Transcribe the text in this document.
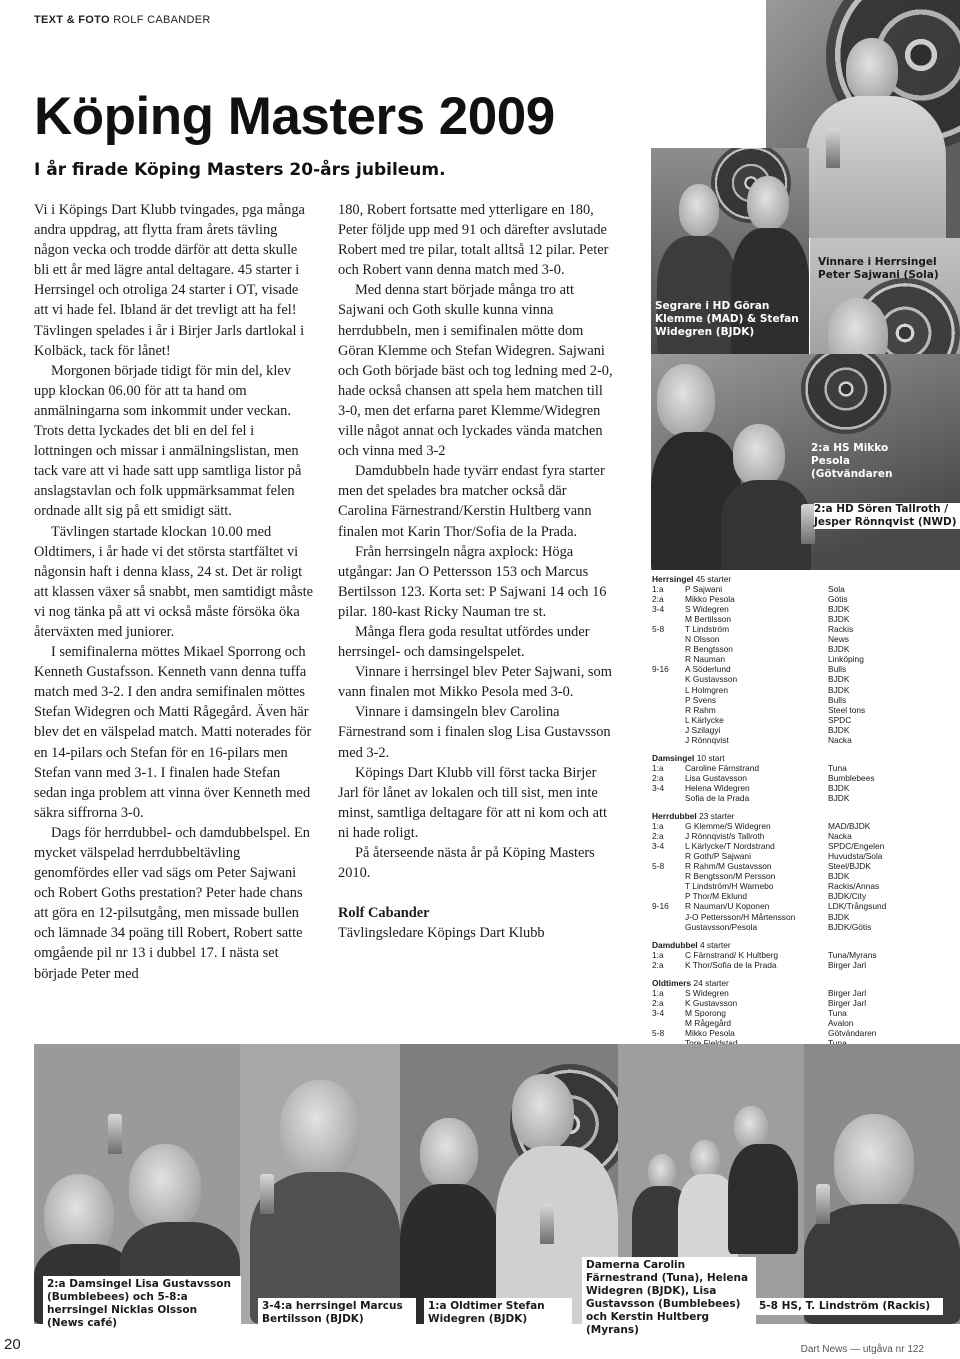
TEXT & FOTO ROLF CABANDER
Köping Masters 2009
I år firade Köping Masters 20-års jubileum.

Vi i Köpings Dart Klubb tvingades, pga många andra uppdrag, att flytta fram årets tävling någon vecka och trodde därför att detta skulle bli ett år med lägre antal deltagare. 45 starter i Herrsingel och otroliga 24 starter i OT, visade att vi hade fel. Ibland är det trevligt att ha fel! Tävlingen spelades i år i Birjer Jarls dartlokal i Kolbäck, tack för lånet!

Morgonen började tidigt för min del, klev upp klockan 06.00 för att ta hand om anmälningarna som inkommit under veckan. Trots detta lyckades det bli en del fel i lottningen och missar i anmälningslistan, men tack vare att vi hade satt upp samtliga listor på anslagstavlan och folk uppmärksammat felen ordnade allt sig på ett smidigt sätt.

Tävlingen startade klockan 10.00 med Oldtimers, i år hade vi det största startfältet vi någonsin haft i denna klass, 24 st. Det är roligt att klassen växer så snabbt, men samtidigt måste vi nog tänka på att vi också måste försöka öka återväxten med juniorer.

I semifinalerna möttes Mikael Sporrong och Kenneth Gustafsson. Kenneth vann denna tuffa match med 3-2. I den andra semifinalen möttes Stefan Widegren och Matti Rågegård. Även här blev det en välspelad match. Matti noterades för en 14-pilars och Stefan för en 16-pilars men Stefan vann med 3-1. I finalen hade Stefan sedan inga problem att vinna över Kenneth med säkra siffrorna 3-0.

Dags för herrdubbel- och damdubbelspel. En mycket välspelad herrdubbeltävling genomfördes eller vad sägs om Peter Sajwani och Robert Goths prestation? Peter hade chans att göra en 12-pilsutgång, men missade bullen och lämnade 34 poäng till Robert, Robert satte omgående pil nr 13 i dubbel 17. I nästa set började Peter med

180, Robert fortsatte med ytterligare en 180, Peter följde upp med 91 och därefter avslutade Robert med tre pilar, totalt alltså 12 pilar. Peter och Robert vann denna match med 3-0.

Med denna start började många tro att Sajwani och Goth skulle kunna vinna herrdubbeln, men i semifinalen mötte dom Göran Klemme och Stefan Widegren. Sajwani och Goth började bäst och tog ledning med 2-0, hade också chansen att spela hem matchen till 3-0, men det erfarna paret Klemme/Widegren ville något annat och lyckades vända matchen och vinna med 3-2

Damdubbeln hade tyvärr endast fyra starter men det spelades bra matcher också där Carolina Färnestrand/Kerstin Hultberg vann finalen mot Karin Thor/Sofia de la Prada.

Från herrsingeln några axplock: Höga utgångar: Jan O Pettersson 153 och Marcus Bertilsson 123. Korta set: P Sajwani 14 och 16 pilar. 180-kast Ricky Nauman tre st.

Många flera goda resultat utfördes under herrsingel- och damsingelspelet.

Vinnare i herrsingel blev Peter Sajwani, som vann finalen mot Mikko Pesola med 3-0.

Vinnare i damsingeln blev Carolina Färnestrand som i finalen slog Lisa Gustavsson med 3-2.

Köpings Dart Klubb vill först tacka Birjer Jarl för lånet av lokalen och till sist, men inte minst, samtliga deltagare för att ni kom och att ni hade roligt.

På återseende nästa år på Köping Masters 2010.

Rolf Cabander
Tävlingsledare Köpings Dart Klubb

Segrare i HD Göran Klemme (MAD) & Stefan Widegren (BJDK)
Vinnare i Herrsingel Peter Sajwani (Sola)
2:a HS Mikko Pesola (Götvändaren
2:a HD Sören Tallroth / Jesper Rönnqvist (NWD)
Herrsingel 45 starter
1:a	P Sajwani	Sola
2:a	Mikko Pesola	Götis
3-4 S Widegren	BJDK
M Bertilsson	BJDK
5-8 T Lindström	Rackis
N Olsson	News
R Bengtsson	BJDK
R Nauman	Linköping
9-16 A Söderlund	Bulls
K Gustavsson	BJDK
L Holmgren	BJDK
P Svens	Bulls
R Rahm	Steel tons
L Kärlycke	SPDC
J Szilagyi	BJDK
J Rönnqvist	Nacka
Damsingel 10 start
1:a	Caroline Färnstrand	Tuna
2:a	Lisa Gustavsson	Bumblebees
3-4 Helena Widegren	BJDK
Sofia de la Prada	BJDK
Herrdubbel 23 starter
1:a	G Klemme/S Widegren	MAD/BJDK
2:a	J Rönnqvist/s Tallroth	Nacka
3-4 L Kärlycke/T Nordstrand	SPDC/Engelen
R Goth/P Sajwani	Huvudsta/Sola
5-8 R Rahm/M Gustavsson	Steel/BJDK
R Bengtsson/M Persson	BJDK
T Lindström/H Warnebo	Rackis/Annas
P Thor/M Eklund	BJDK/City
9-16 R Nauman/U Koponen	LDK/Trångsund
J-O Pettersson/H Mårtensson	BJDK
Gustavsson/Pesola	BJDK/Götis
Damdubbel 4 starter
1:a	C Färnstrand/ K Hultberg	Tuna/Myrans
2:a	K Thor/Sofia de la Prada	Birger Jarl
Oldtimers 24 starter
1:a	S Widegren	Birger Jarl
2:a	K Gustavsson	Birger Jarl
3-4 M Sporong	Tuna
M Rågegård	Avalon
5-8 Mikko Pesola	Götvändaren
2:a Damsingel Lisa Gustavsson (Bumblebees) och 5-8:a herrsingel Nicklas Olsson (News café)
3-4:a herrsingel Marcus Bertilsson (BJDK)
1:a Oldtimer Stefan Widegren (BJDK)
Damerna Carolin Färnestrand (Tuna), Helena Widegren (BJDK), Lisa Gustavsson (Bumblebees) och Kerstin Hultberg (Myrans)
5-8 HS, T. Lindström (Rackis)
20	Dart News — utgåva nr 122
